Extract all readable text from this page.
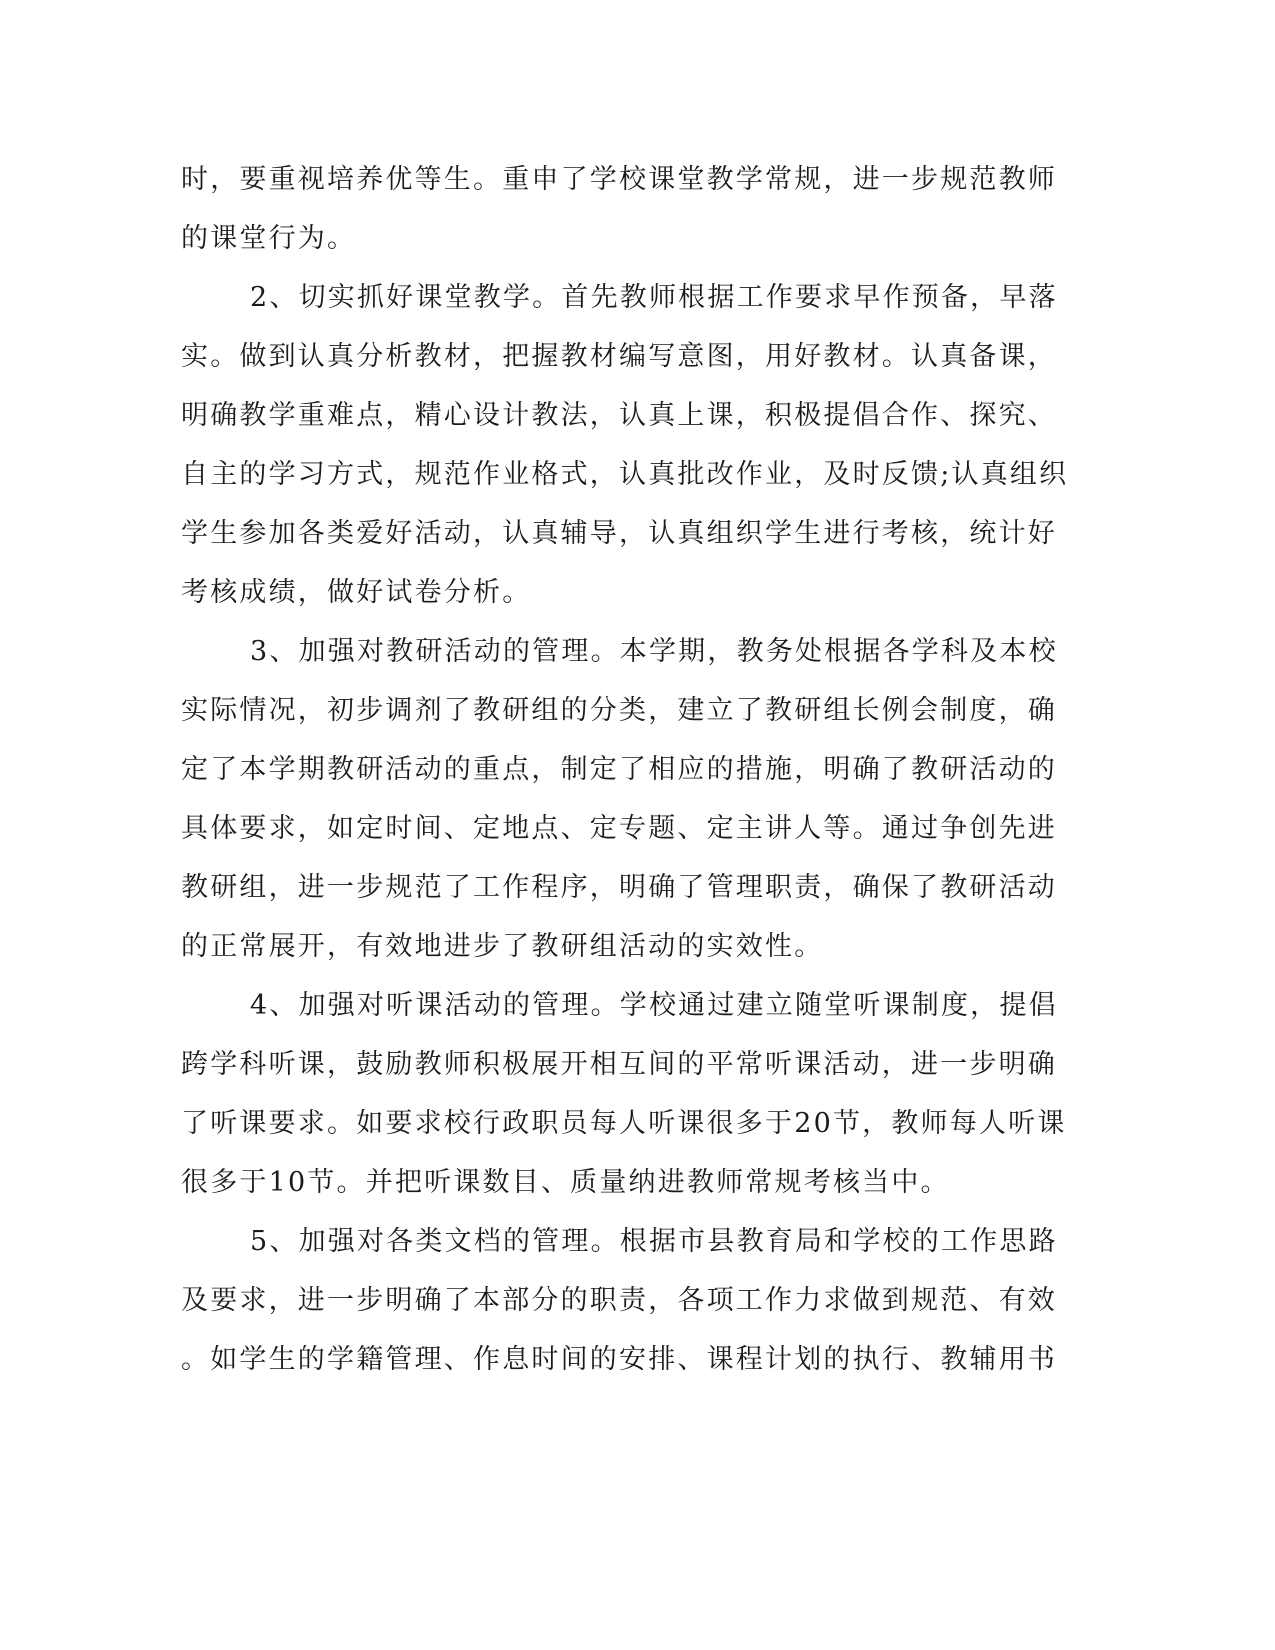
时，要重视培养优等生。重申了学校课堂教学常规，进一步规范教师
的课堂行为。
2、切实抓好课堂教学。首先教师根据工作要求早作预备，早落
实。做到认真分析教材，把握教材编写意图，用好教材。认真备课，
明确教学重难点，精心设计教法，认真上课，积极提倡合作、探究、
自主的学习方式，规范作业格式，认真批改作业，及时反馈;认真组织
学生参加各类爱好活动，认真辅导，认真组织学生进行考核，统计好
考核成绩，做好试卷分析。
3、加强对教研活动的管理。本学期，教务处根据各学科及本校
实际情况，初步调剂了教研组的分类，建立了教研组长例会制度，确
定了本学期教研活动的重点，制定了相应的措施，明确了教研活动的
具体要求，如定时间、定地点、定专题、定主讲人等。通过争创先进
教研组，进一步规范了工作程序，明确了管理职责，确保了教研活动
的正常展开，有效地进步了教研组活动的实效性。
4、加强对听课活动的管理。学校通过建立随堂听课制度，提倡
跨学科听课，鼓励教师积极展开相互间的平常听课活动，进一步明确
了听课要求。如要求校行政职员每人听课很多于20节，教师每人听课
很多于10节。并把听课数目、质量纳进教师常规考核当中。
5、加强对各类文档的管理。根据市县教育局和学校的工作思路
及要求，进一步明确了本部分的职责，各项工作力求做到规范、有效
。如学生的学籍管理、作息时间的安排、课程计划的执行、教辅用书
